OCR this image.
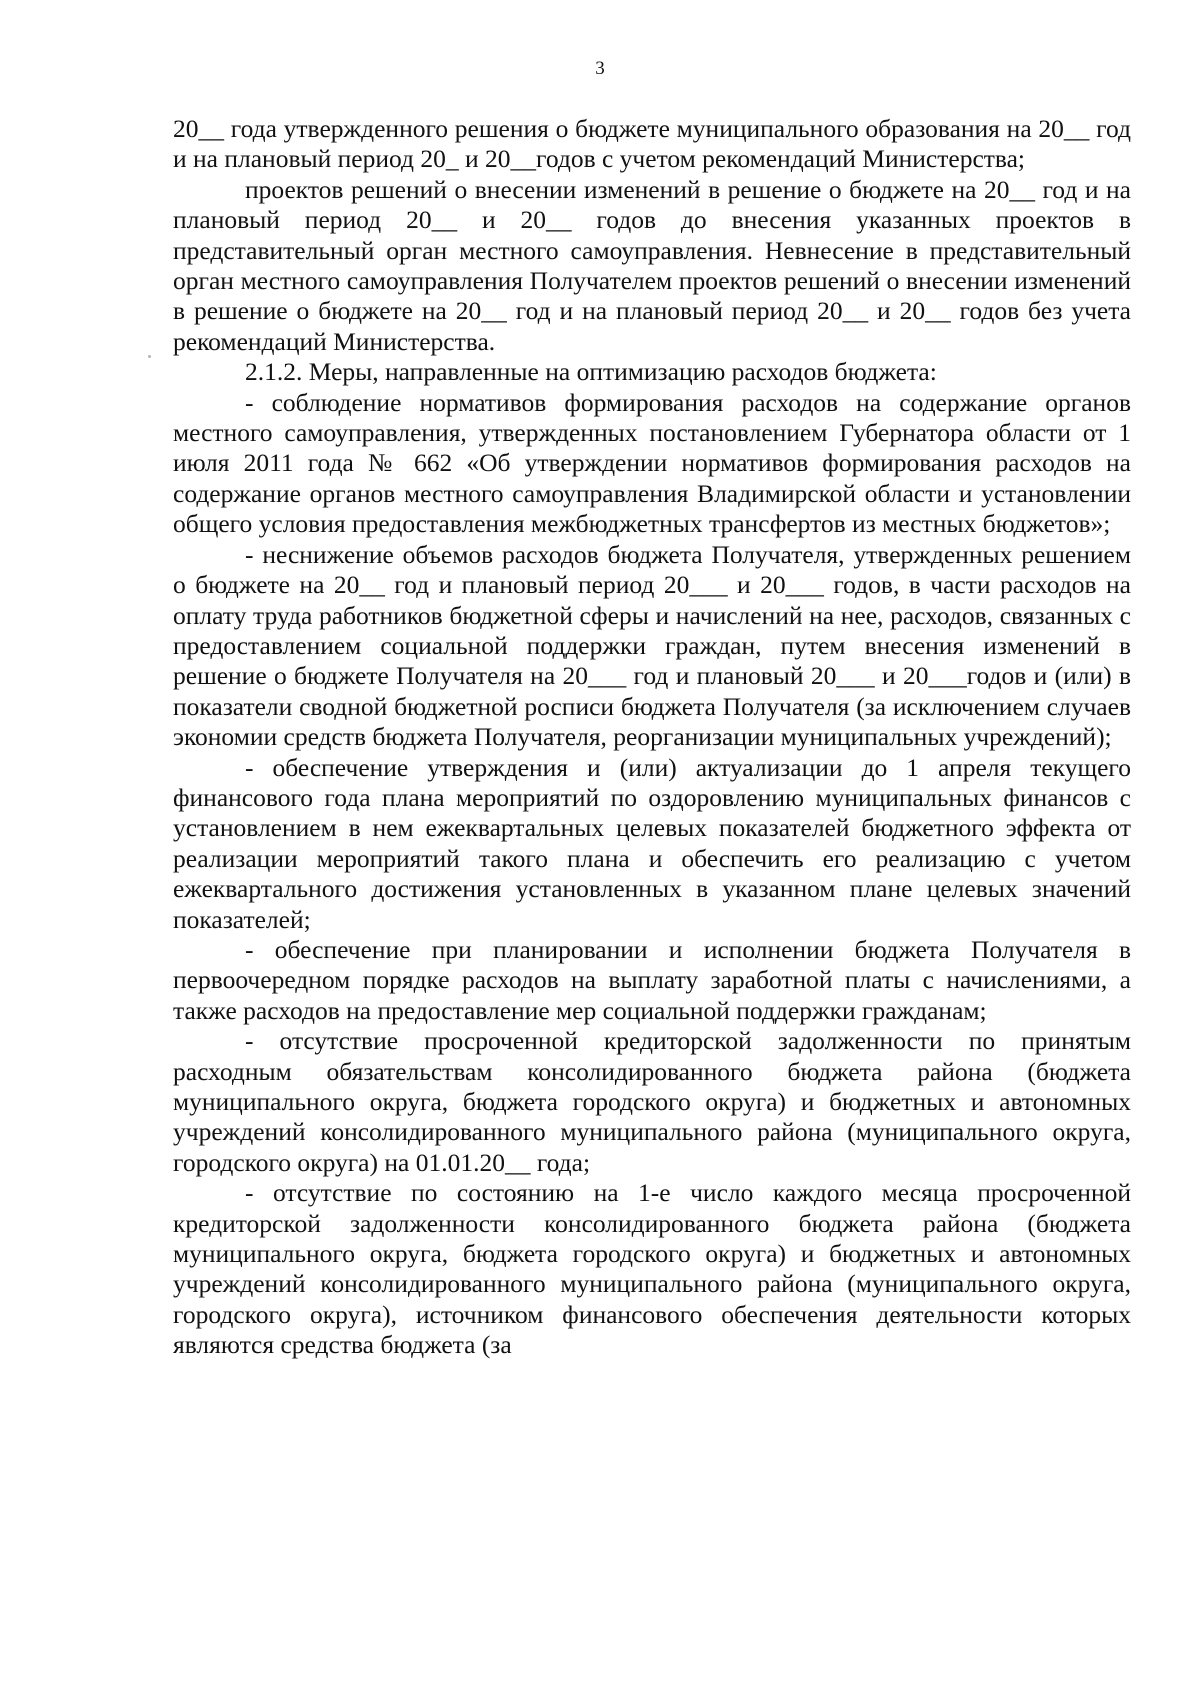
3

20__ года утвержденного решения о бюджете муниципального образования на 20__ год и на плановый период 20_ и 20__годов с учетом рекомендаций Министерства;

проектов решений о внесении изменений в решение о бюджете на 20__ год и на плановый период 20__ и 20__ годов до внесения указанных проектов в представительный орган местного самоуправления. Невнесение в представительный орган местного самоуправления Получателем проектов решений о внесении изменений в решение о бюджете на 20__ год и на плановый период 20__ и 20__ годов без учета рекомендаций Министерства.

2.1.2. Меры, направленные на оптимизацию расходов бюджета:

- соблюдение нормативов формирования расходов на содержание органов местного самоуправления, утвержденных постановлением Губернатора области от 1 июля 2011 года № 662 «Об утверждении нормативов формирования расходов на содержание органов местного самоуправления Владимирской области и установлении общего условия предоставления межбюджетных трансфертов из местных бюджетов»;

- неснижение объемов расходов бюджета Получателя, утвержденных решением о бюджете на 20__ год и плановый период 20___ и 20___ годов, в части расходов на оплату труда работников бюджетной сферы и начислений на нее, расходов, связанных с предоставлением социальной поддержки граждан, путем внесения изменений в решение о бюджете Получателя на 20___ год и плановый 20___ и 20___годов и (или) в показатели сводной бюджетной росписи бюджета Получателя (за исключением случаев экономии средств бюджета Получателя, реорганизации муниципальных учреждений);

- обеспечение утверждения и (или) актуализации до 1 апреля текущего финансового года плана мероприятий по оздоровлению муниципальных финансов с установлением в нем ежеквартальных целевых показателей бюджетного эффекта от реализации мероприятий такого плана и обеспечить его реализацию с учетом ежеквартального достижения установленных в указанном плане целевых значений показателей;

- обеспечение при планировании и исполнении бюджета Получателя в первоочередном порядке расходов на выплату заработной платы с начислениями, а также расходов на предоставление мер социальной поддержки гражданам;

- отсутствие просроченной кредиторской задолженности по принятым расходным обязательствам консолидированного бюджета района (бюджета муниципального округа, бюджета городского округа) и бюджетных и автономных учреждений консолидированного муниципального района (муниципального округа, городского округа) на 01.01.20__ года;

- отсутствие по состоянию на 1-е число каждого месяца просроченной кредиторской задолженности консолидированного бюджета района (бюджета муниципального округа, бюджета городского округа) и бюджетных и автономных учреждений консолидированного муниципального района (муниципального округа, городского округа), источником финансового обеспечения деятельности которых являются средства бюджета (за
